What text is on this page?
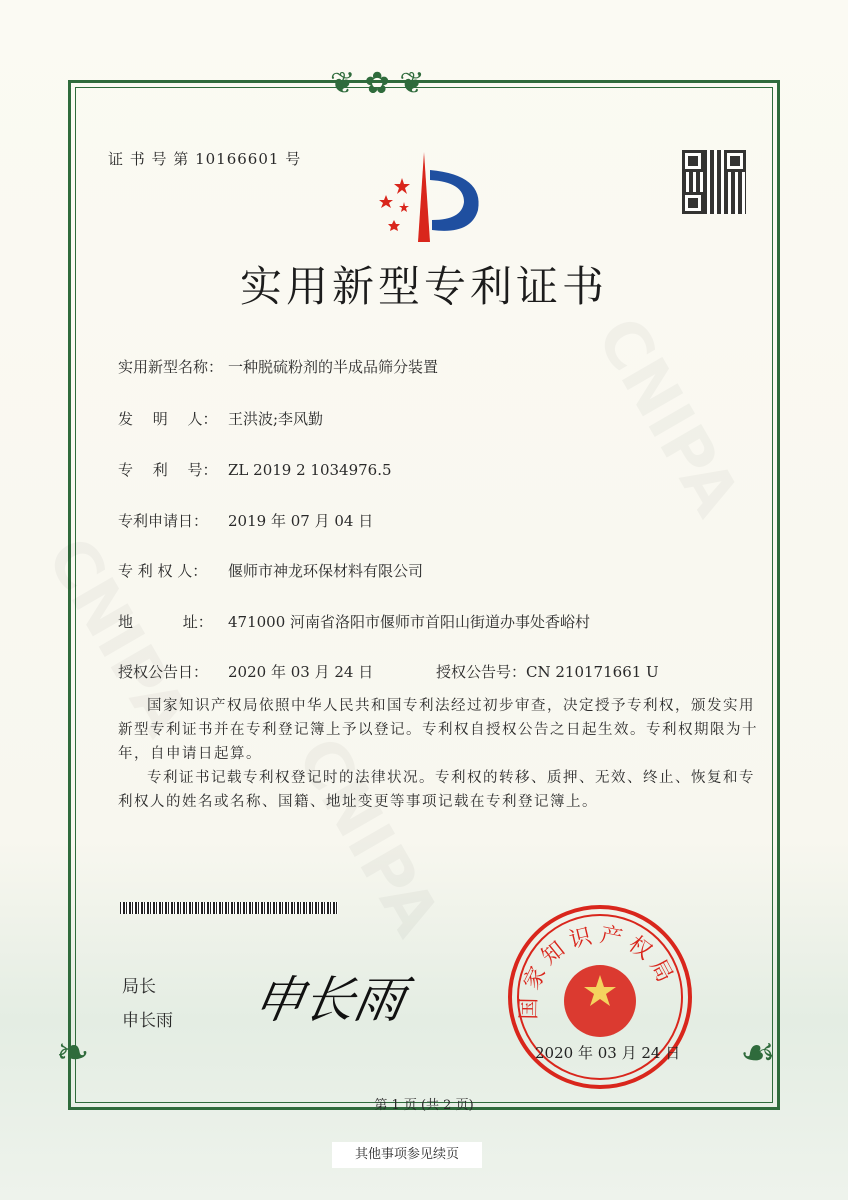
❦ ✿ ❦
❧	☙
证 书 号 第 10166601 号
实用新型专利证书
实用新型名称： 一种脱硫粉剂的半成品筛分装置
发　 明　 人： 王洪波;李风勤
专　 利　 号： ZL 2019 2 1034976.5
专利申请日： 2019 年 07 月 04 日
专 利 权 人： 偃师市神龙环保材料有限公司
地　　　 址： 471000 河南省洛阳市偃师市首阳山街道办事处香峪村
授权公告日： 2020 年 03 月 24 日	授权公告号：CN 210171661 U
国家知识产权局依照中华人民共和国专利法经过初步审查，决定授予专利权，颁发实用新型专利证书并在专利登记簿上予以登记。专利权自授权公告之日起生效。专利权期限为十年，自申请日起算。
专利证书记载专利权登记时的法律状况。专利权的转移、质押、无效、终止、恢复和专利权人的姓名或名称、国籍、地址变更等事项记载在专利登记簿上。
局长
申长雨 申长雨	国家知识产权局
2020 年 03 月 24 日
第 1 页 (共 2 页)
其他事项参见续页
